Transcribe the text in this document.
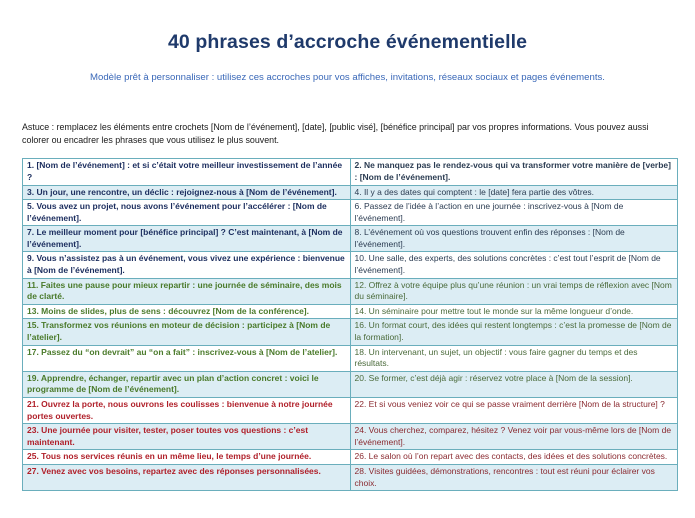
40 phrases d’accroche événementielle
Modèle prêt à personnaliser : utilisez ces accroches pour vos affiches, invitations, réseaux sociaux et pages événements.
Astuce : remplacez les éléments entre crochets [Nom de l’événement], [date], [public visé], [bénéfice principal] par vos propres informations. Vous pouvez aussi colorer ou encadrer les phrases que vous utilisez le plus souvent.
1. [Nom de l’événement] : et si c’était votre meilleur investissement de l’année ?	2. Ne manquez pas le rendez-vous qui va transformer votre manière de [verbe] : [Nom de l’événement].
3. Un jour, une rencontre, un déclic : rejoignez-nous à [Nom de l’événement].	4. Il y a des dates qui comptent : le [date] fera partie des vôtres.
5. Vous avez un projet, nous avons l’événement pour l’accélérer : [Nom de l’événement].	6. Passez de l’idée à l’action en une journée : inscrivez-vous à [Nom de l’événement].
7. Le meilleur moment pour [bénéfice principal] ? C’est maintenant, à [Nom de l’événement].	8. L’événement où vos questions trouvent enfin des réponses : [Nom de l’événement].
9. Vous n’assistez pas à un événement, vous vivez une expérience : bienvenue à [Nom de l’événement].	10. Une salle, des experts, des solutions concrètes : c’est tout l’esprit de [Nom de l’événement].
11. Faites une pause pour mieux repartir : une journée de séminaire, des mois de clarté.	12. Offrez à votre équipe plus qu’une réunion : un vrai temps de réflexion avec [Nom du séminaire].
13. Moins de slides, plus de sens : découvrez [Nom de la conférence].	14. Un séminaire pour mettre tout le monde sur la même longueur d’onde.
15. Transformez vos réunions en moteur de décision : participez à [Nom de l’atelier].	16. Un format court, des idées qui restent longtemps : c’est la promesse de [Nom de la formation].
17. Passez du “on devrait” au “on a fait” : inscrivez-vous à [Nom de l’atelier].	18. Un intervenant, un sujet, un objectif : vous faire gagner du temps et des résultats.
19. Apprendre, échanger, repartir avec un plan d’action concret : voici le programme de [Nom de l’événement].	20. Se former, c’est déjà agir : réservez votre place à [Nom de la session].
21. Ouvrez la porte, nous ouvrons les coulisses : bienvenue à notre journée portes ouvertes.	22. Et si vous veniez voir ce qui se passe vraiment derrière [Nom de la structure] ?
23. Une journée pour visiter, tester, poser toutes vos questions : c’est maintenant.	24. Vous cherchez, comparez, hésitez ? Venez voir par vous-même lors de [Nom de l’événement].
25. Tous nos services réunis en un même lieu, le temps d’une journée.	26. Le salon où l’on repart avec des contacts, des idées et des solutions concrètes.
27. Venez avec vos besoins, repartez avec des réponses personnalisées.	28. Visites guidées, démonstrations, rencontres : tout est réuni pour éclairer vos choix.
